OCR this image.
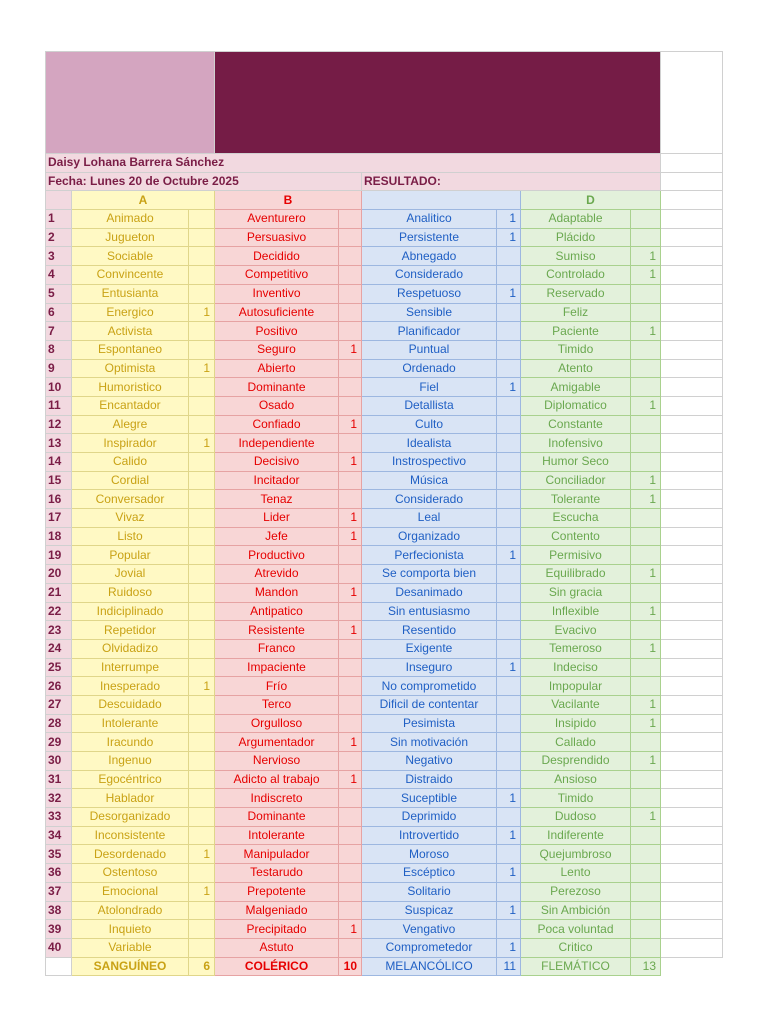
Daisy Lohana Barrera Sánchez									
Fecha: Lunes 20 de Octubre 2025					RESULTADO:				
	A		B				D		
1	Animado		Aventurero		Analitico	1	Adaptable		
2	Jugueton		Persuasivo		Persistente	1	Plácido		
3	Sociable		Decidido		Abnegado		Sumiso	1	
4	Convincente		Competitivo		Considerado		Controlado	1	
5	Entusianta		Inventivo		Respetuoso	1	Reservado		
6	Energico	1	Autosuficiente		Sensible		Feliz		
7	Activista		Positivo		Planificador		Paciente	1	
8	Espontaneo		Seguro	1	Puntual		Timido		
9	Optimista	1	Abierto		Ordenado		Atento		
10	Humoristico		Dominante		Fiel	1	Amigable		
11	Encantador		Osado		Detallista		Diplomatico	1	
12	Alegre		Confiado	1	Culto		Constante		
13	Inspirador	1	Independiente		Idealista		Inofensivo		
14	Calido		Decisivo	1	Instrospectivo		Humor Seco		
15	Cordial		Incitador		Música		Conciliador	1	
16	Conversador		Tenaz		Considerado		Tolerante	1	
17	Vivaz		Lider	1	Leal		Escucha		
18	Listo		Jefe	1	Organizado		Contento		
19	Popular		Productivo		Perfecionista	1	Permisivo		
20	Jovial		Atrevido		Se comporta bien		Equilibrado	1	
21	Ruidoso		Mandon	1	Desanimado		Sin gracia		
22	Indiciplinado		Antipatico		Sin entusiasmo		Inflexible	1	
23	Repetidor		Resistente	1	Resentido		Evacivo		
24	Olvidadizo		Franco		Exigente		Temeroso	1	
25	Interrumpe		Impaciente		Inseguro	1	Indeciso		
26	Inesperado	1	Frío		No comprometido		Impopular		
27	Descuidado		Terco		Dificil de contentar		Vacilante	1	
28	Intolerante		Orgulloso		Pesimista		Insipido	1	
29	Iracundo		Argumentador	1	Sin motivación		Callado		
30	Ingenuo		Nervioso		Negativo		Desprendido	1	
31	Egocéntrico		Adicto al trabajo	1	Distraido		Ansioso		
32	Hablador		Indiscreto		Suceptible	1	Timido		
33	Desorganizado		Dominante		Deprimido		Dudoso	1	
34	Inconsistente		Intolerante		Introvertido	1	Indiferente		
35	Desordenado	1	Manipulador		Moroso		Quejumbroso		
36	Ostentoso		Testarudo		Escéptico	1	Lento		
37	Emocional	1	Prepotente		Solitario		Perezoso		
38	Atolondrado		Malgeniado		Suspicaz	1	Sin Ambición		
39	Inquieto		Precipitado	1	Vengativo		Poca voluntad		
40	Variable		Astuto		Comprometedor	1	Critico		
	SANGUÍNEO	6	COLÉRICO	10	MELANCÓLICO	11	FLEMÁTICO	13	
